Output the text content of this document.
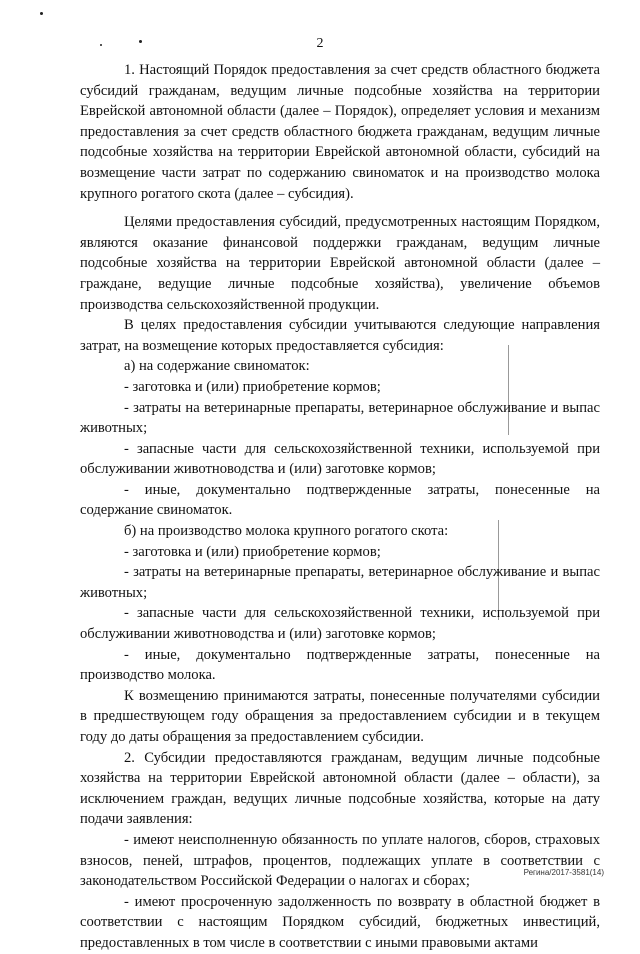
2

1. Настоящий Порядок предоставления за счет средств областного бюджета субсидий гражданам, ведущим личные подсобные хозяйства на территории Еврейской автономной области (далее – Порядок), определяет условия и механизм предоставления за счет средств областного бюджета гражданам, ведущим личные подсобные хозяйства на территории Еврейской автономной области, субсидий на возмещение части затрат по содержанию свиноматок и на производство молока крупного рогатого скота (далее – субсидия).

Целями предоставления субсидий, предусмотренных настоящим Порядком, являются оказание финансовой поддержки гражданам, ведущим личные подсобные хозяйства на территории Еврейской автономной области (далее – граждане, ведущие личные подсобные хозяйства), увеличение объемов производства сельскохозяйственной продукции.

В целях предоставления субсидии учитываются следующие направления затрат, на возмещение которых предоставляется субсидия:

а) на содержание свиноматок:

- заготовка и (или) приобретение кормов;

- затраты на ветеринарные препараты, ветеринарное обслуживание и выпас животных;

- запасные части для сельскохозяйственной техники, используемой при обслуживании животноводства и (или) заготовке кормов;

- иные, документально подтвержденные затраты, понесенные на содержание свиноматок.

б) на производство молока крупного рогатого скота:

- заготовка и (или) приобретение кормов;

- затраты на ветеринарные препараты, ветеринарное обслуживание и выпас животных;

- запасные части для сельскохозяйственной техники, используемой при обслуживании животноводства и (или) заготовке кормов;

- иные, документально подтвержденные затраты, понесенные на производство молока.

К возмещению принимаются затраты, понесенные получателями субсидии в предшествующем году обращения за предоставлением субсидии и в текущем году до даты обращения за предоставлением субсидии.

2. Субсидии предоставляются гражданам, ведущим личные подсобные хозяйства на территории Еврейской автономной области (далее – области), за исключением граждан, ведущих личные подсобные хозяйства, которые на дату подачи заявления:

- имеют неисполненную обязанность по уплате налогов, сборов, страховых взносов, пеней, штрафов, процентов, подлежащих уплате в соответствии с законодательством Российской Федерации о налогах и сборах;

- имеют просроченную задолженность по возврату в областной бюджет в соответствии с настоящим Порядком субсидий, бюджетных инвестиций, предоставленных в том числе в соответствии с иными правовыми актами

Регина/2017-3581(14)
